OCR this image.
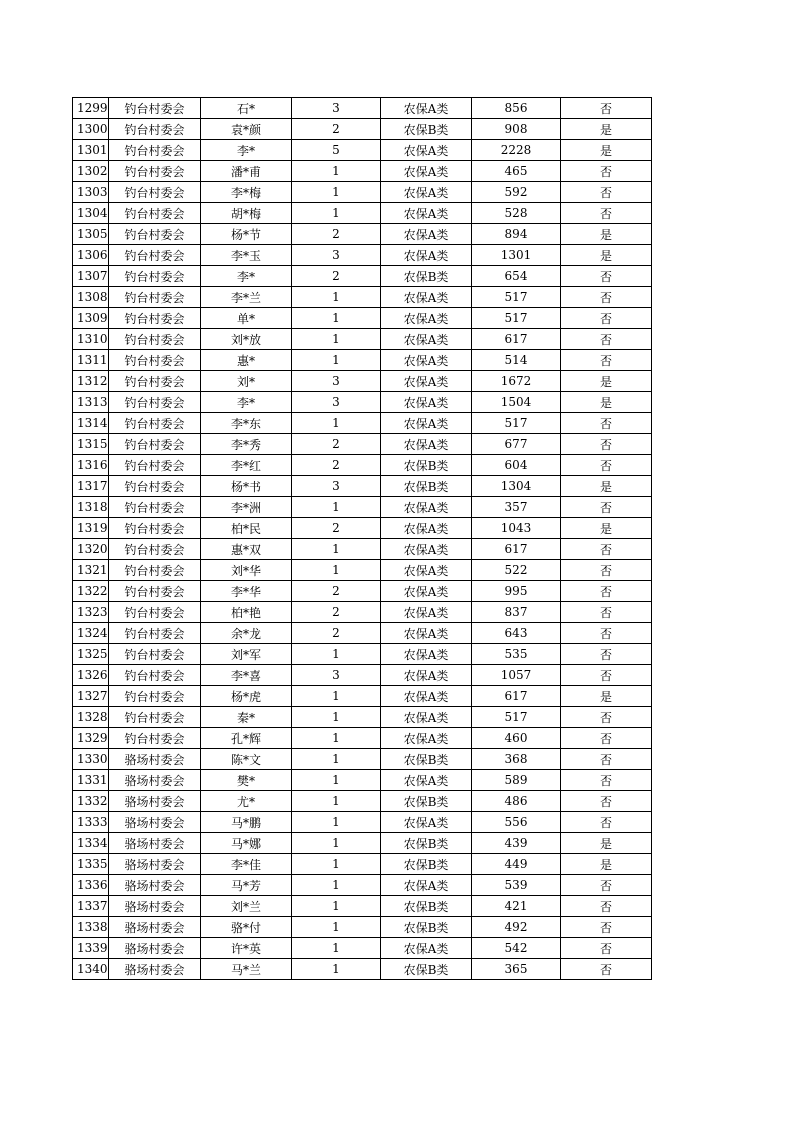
1299	钓台村委会	石*	3	农保A类	856	否
1300	钓台村委会	袁*颜	2	农保B类	908	是
1301	钓台村委会	李*	5	农保A类	2228	是
1302	钓台村委会	潘*甫	1	农保A类	465	否
1303	钓台村委会	李*梅	1	农保A类	592	否
1304	钓台村委会	胡*梅	1	农保A类	528	否
1305	钓台村委会	杨*节	2	农保A类	894	是
1306	钓台村委会	李*玉	3	农保A类	1301	是
1307	钓台村委会	李*	2	农保B类	654	否
1308	钓台村委会	李*兰	1	农保A类	517	否
1309	钓台村委会	单*	1	农保A类	517	否
1310	钓台村委会	刘*放	1	农保A类	617	否
1311	钓台村委会	惠*	1	农保A类	514	否
1312	钓台村委会	刘*	3	农保A类	1672	是
1313	钓台村委会	李*	3	农保A类	1504	是
1314	钓台村委会	李*东	1	农保A类	517	否
1315	钓台村委会	李*秀	2	农保A类	677	否
1316	钓台村委会	李*红	2	农保B类	604	否
1317	钓台村委会	杨*书	3	农保B类	1304	是
1318	钓台村委会	李*洲	1	农保A类	357	否
1319	钓台村委会	柏*民	2	农保A类	1043	是
1320	钓台村委会	惠*双	1	农保A类	617	否
1321	钓台村委会	刘*华	1	农保A类	522	否
1322	钓台村委会	李*华	2	农保A类	995	否
1323	钓台村委会	柏*艳	2	农保A类	837	否
1324	钓台村委会	余*龙	2	农保A类	643	否
1325	钓台村委会	刘*军	1	农保A类	535	否
1326	钓台村委会	李*喜	3	农保A类	1057	否
1327	钓台村委会	杨*虎	1	农保A类	617	是
1328	钓台村委会	秦*	1	农保A类	517	否
1329	钓台村委会	孔*辉	1	农保A类	460	否
1330	骆场村委会	陈*文	1	农保B类	368	否
1331	骆场村委会	樊*	1	农保A类	589	否
1332	骆场村委会	尤*	1	农保B类	486	否
1333	骆场村委会	马*鹏	1	农保A类	556	否
1334	骆场村委会	马*娜	1	农保B类	439	是
1335	骆场村委会	李*佳	1	农保B类	449	是
1336	骆场村委会	马*芳	1	农保A类	539	否
1337	骆场村委会	刘*兰	1	农保B类	421	否
1338	骆场村委会	骆*付	1	农保B类	492	否
1339	骆场村委会	许*英	1	农保A类	542	否
1340	骆场村委会	马*兰	1	农保B类	365	否
